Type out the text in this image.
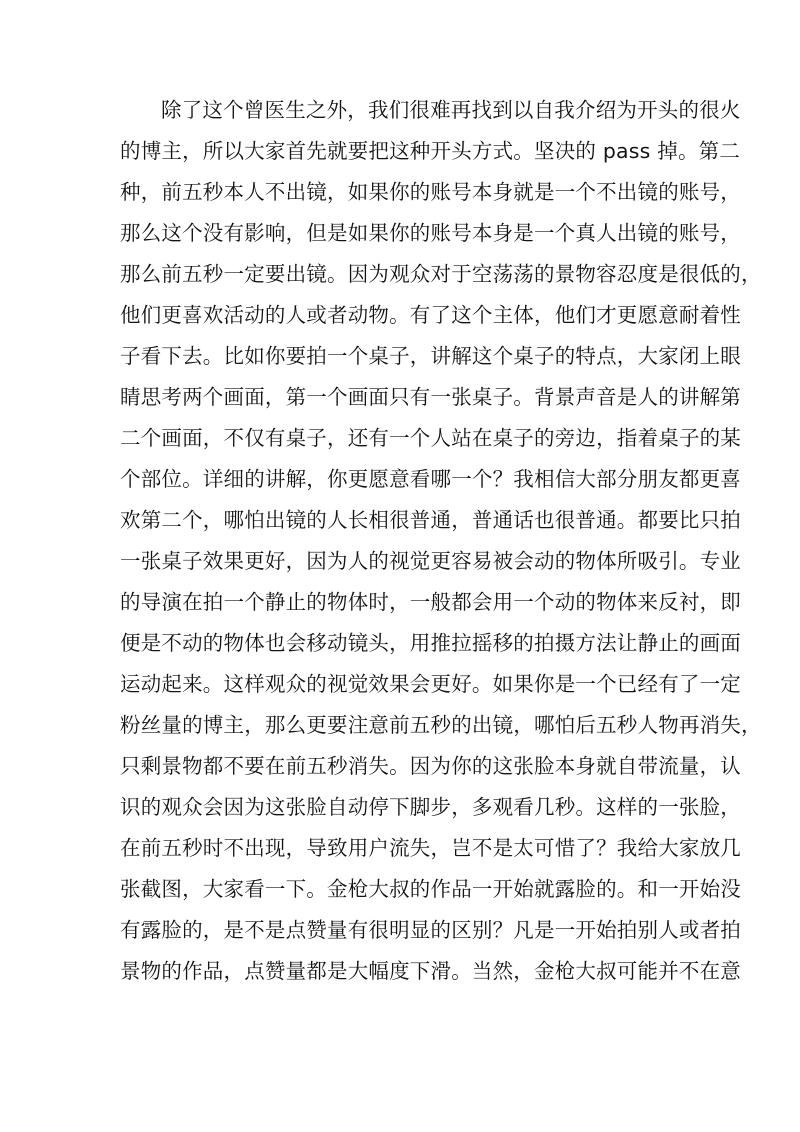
除了这个曾医生之外，我们很难再找到以自我介绍为开头的很火
的博主，所以大家首先就要把这种开头方式。坚决的 pass 掉。第二
种，前五秒本人不出镜，如果你的账号本身就是一个不出镜的账号，
那么这个没有影响，但是如果你的账号本身是一个真人出镜的账号，
那么前五秒一定要出镜。因为观众对于空荡荡的景物容忍度是很低的，
他们更喜欢活动的人或者动物。有了这个主体，他们才更愿意耐着性
子看下去。比如你要拍一个桌子，讲解这个桌子的特点，大家闭上眼
睛思考两个画面，第一个画面只有一张桌子。背景声音是人的讲解第
二个画面，不仅有桌子，还有一个人站在桌子的旁边，指着桌子的某
个部位。详细的讲解，你更愿意看哪一个？我相信大部分朋友都更喜
欢第二个，哪怕出镜的人长相很普通，普通话也很普通。都要比只拍
一张桌子效果更好，因为人的视觉更容易被会动的物体所吸引。专业
的导演在拍一个静止的物体时，一般都会用一个动的物体来反衬，即
便是不动的物体也会移动镜头，用推拉摇移的拍摄方法让静止的画面
运动起来。这样观众的视觉效果会更好。如果你是一个已经有了一定
粉丝量的博主，那么更要注意前五秒的出镜，哪怕后五秒人物再消失，
只剩景物都不要在前五秒消失。因为你的这张脸本身就自带流量，认
识的观众会因为这张脸自动停下脚步，多观看几秒。这样的一张脸，
在前五秒时不出现，导致用户流失，岂不是太可惜了？我给大家放几
张截图，大家看一下。金枪大叔的作品一开始就露脸的。和一开始没
有露脸的，是不是点赞量有很明显的区别？凡是一开始拍别人或者拍
景物的作品，点赞量都是大幅度下滑。当然，金枪大叔可能并不在意
